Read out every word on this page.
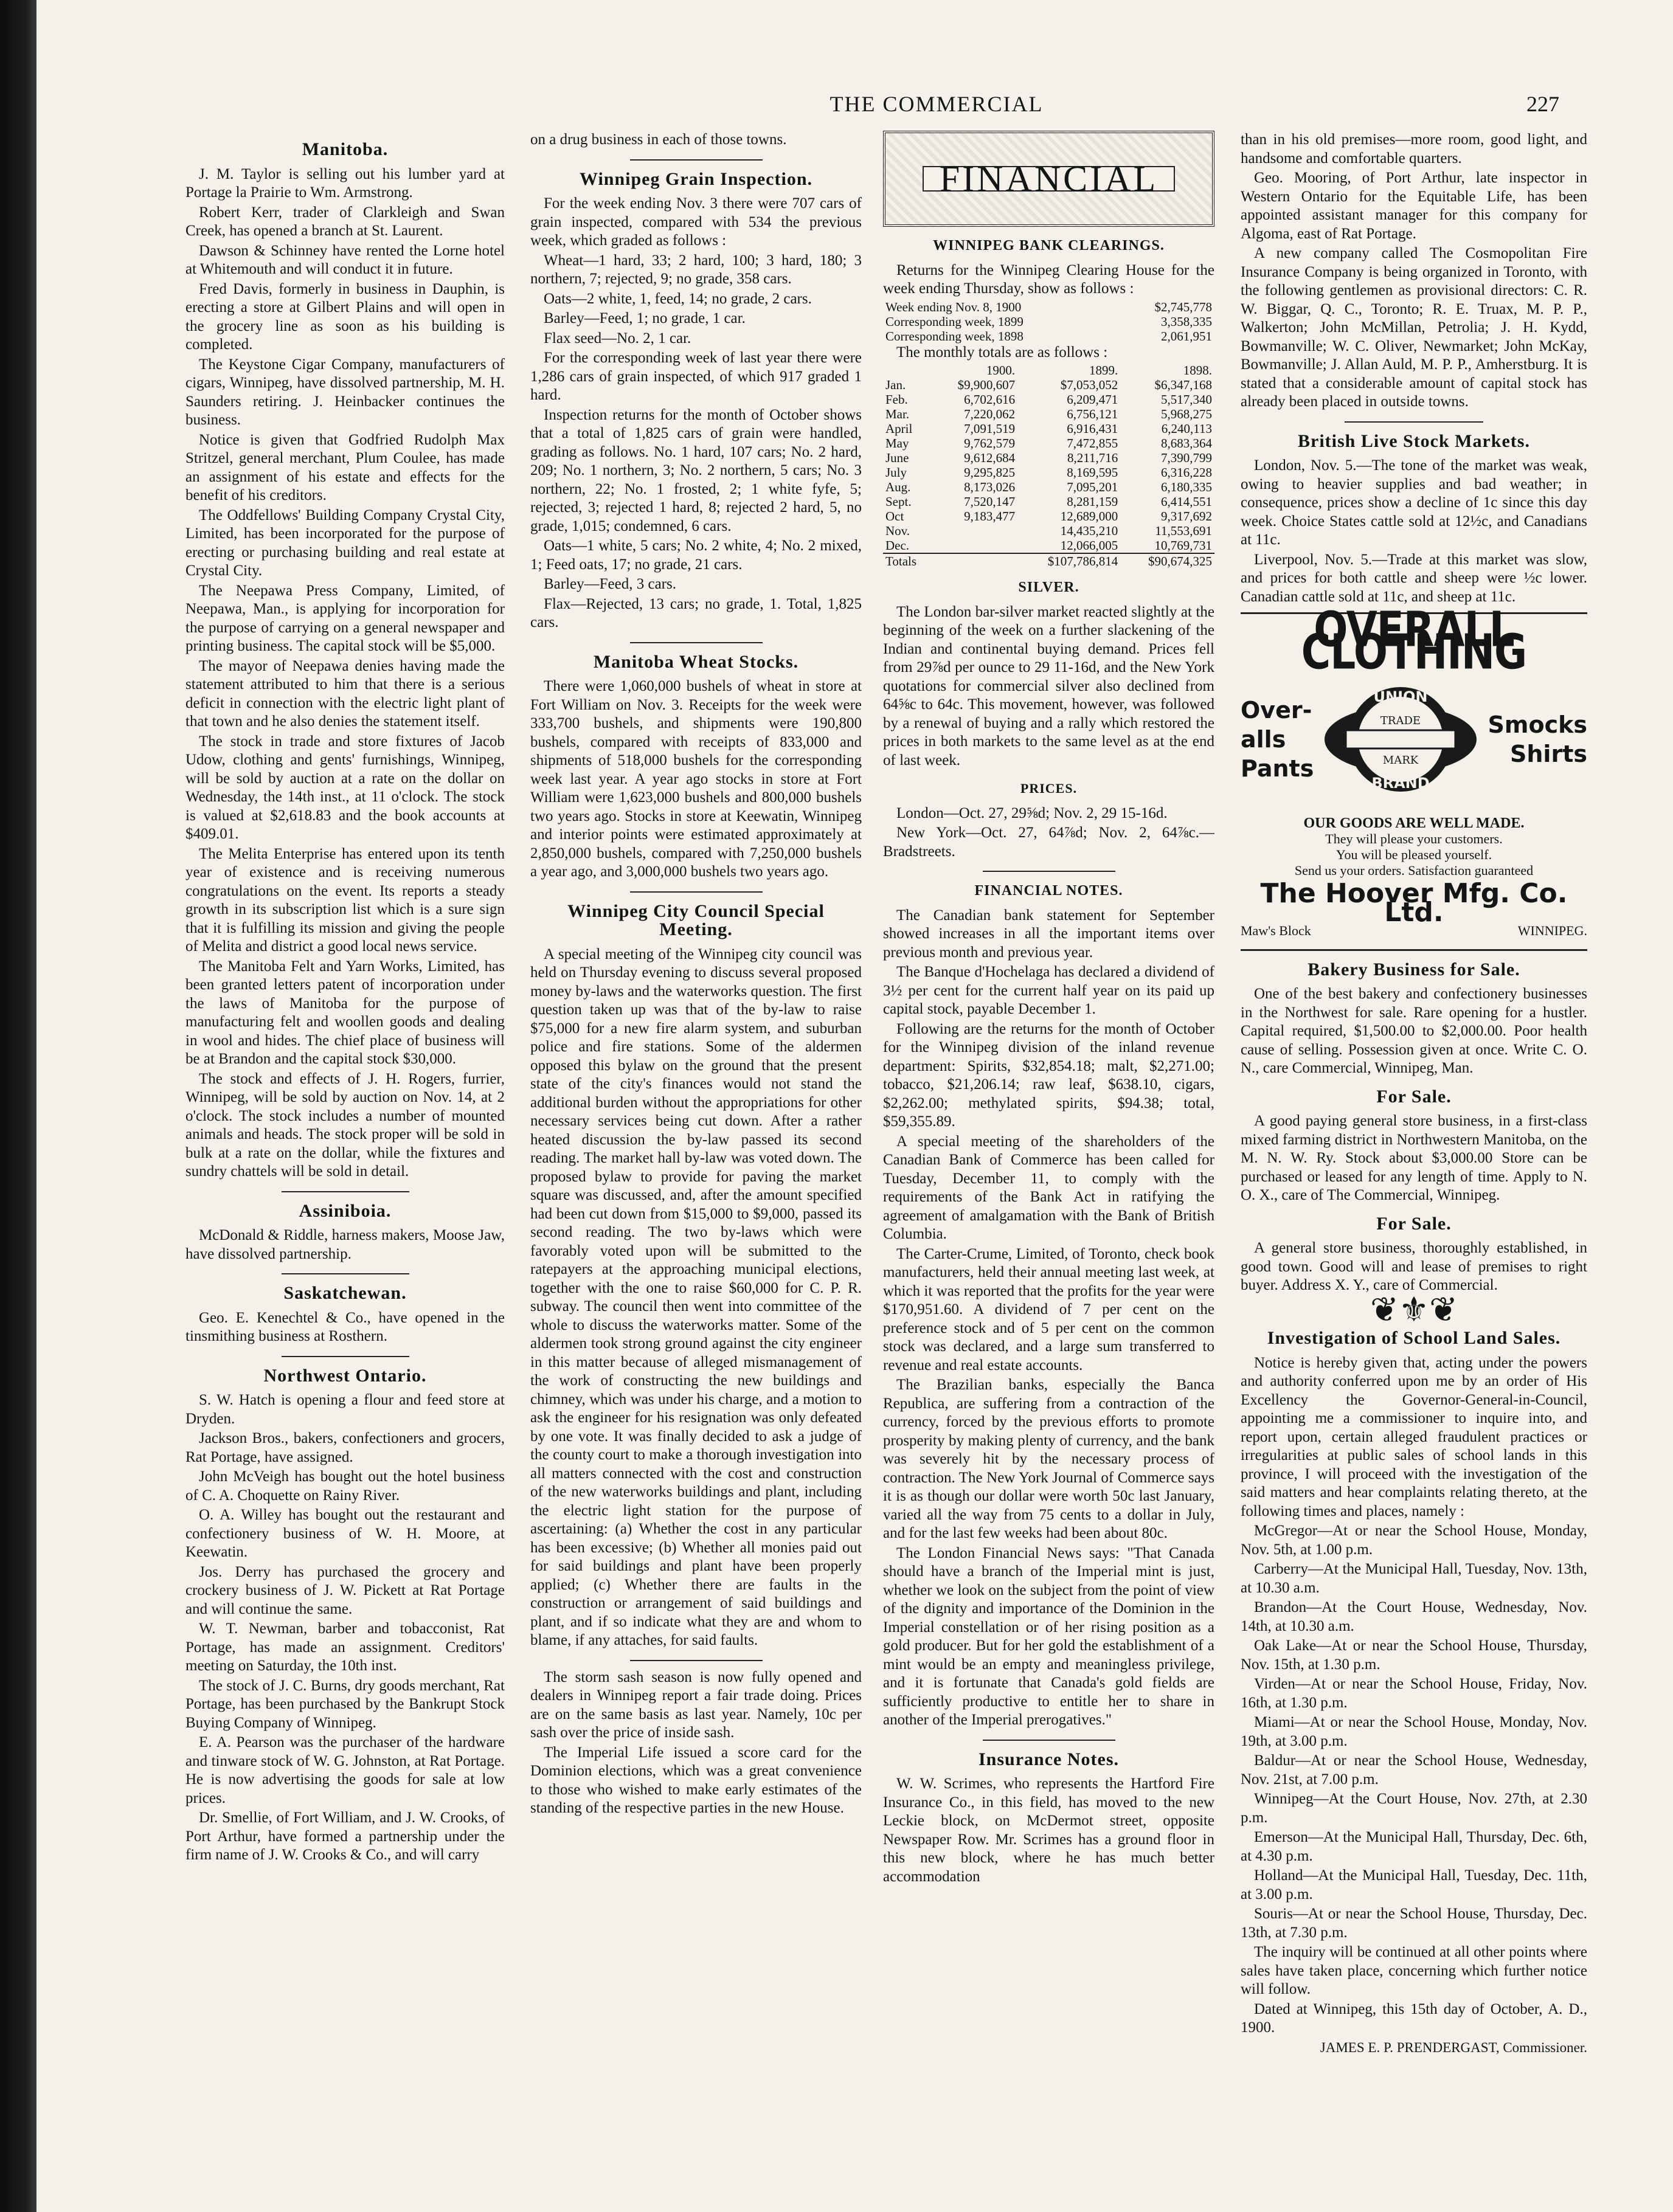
THE COMMERCIAL	227
Manitoba.

J. M. Taylor is selling out his lumber yard at Portage la Prairie to Wm. Armstrong.

Robert Kerr, trader of Clarkleigh and Swan Creek, has opened a branch at St. Laurent.

Dawson & Schinney have rented the Lorne hotel at Whitemouth and will conduct it in future.

Fred Davis, formerly in business in Dauphin, is erecting a store at Gilbert Plains and will open in the grocery line as soon as his building is completed.

The Keystone Cigar Company, manufacturers of cigars, Winnipeg, have dissolved partnership, M. H. Saunders retiring. J. Heinbacker continues the business.

Notice is given that Godfried Rudolph Max Stritzel, general merchant, Plum Coulee, has made an assignment of his estate and effects for the benefit of his creditors.

The Oddfellows' Building Company Crystal City, Limited, has been incorporated for the purpose of erecting or purchasing building and real estate at Crystal City.

The Neepawa Press Company, Limited, of Neepawa, Man., is applying for incorporation for the purpose of carrying on a general newspaper and printing business. The capital stock will be $5,000.

The mayor of Neepawa denies having made the statement attributed to him that there is a serious deficit in connection with the electric light plant of that town and he also denies the statement itself.

The stock in trade and store fixtures of Jacob Udow, clothing and gents' furnishings, Winnipeg, will be sold by auction at a rate on the dollar on Wednesday, the 14th inst., at 11 o'clock. The stock is valued at $2,618.83 and the book accounts at $409.01.

The Melita Enterprise has entered upon its tenth year of existence and is receiving numerous congratulations on the event. Its reports a steady growth in its subscription list which is a sure sign that it is fulfilling its mission and giving the people of Melita and district a good local news service.

The Manitoba Felt and Yarn Works, Limited, has been granted letters patent of incorporation under the laws of Manitoba for the purpose of manufacturing felt and woollen goods and dealing in wool and hides. The chief place of business will be at Brandon and the capital stock $30,000.

The stock and effects of J. H. Rogers, furrier, Winnipeg, will be sold by auction on Nov. 14, at 2 o'clock. The stock includes a number of mounted animals and heads. The stock proper will be sold in bulk at a rate on the dollar, while the fixtures and sundry chattels will be sold in detail.

Assiniboia.

McDonald & Riddle, harness makers, Moose Jaw, have dissolved partnership.

Saskatchewan.

Geo. E. Kenechtel & Co., have opened in the tinsmithing business at Rosthern.

Northwest Ontario.

S. W. Hatch is opening a flour and feed store at Dryden.

Jackson Bros., bakers, confectioners and grocers, Rat Portage, have assigned.

John McVeigh has bought out the hotel business of C. A. Choquette on Rainy River.

O. A. Willey has bought out the restaurant and confectionery business of W. H. Moore, at Keewatin.

Jos. Derry has purchased the grocery and crockery business of J. W. Pickett at Rat Portage and will continue the same.

W. T. Newman, barber and tobacconist, Rat Portage, has made an assignment. Creditors' meeting on Saturday, the 10th inst.

The stock of J. C. Burns, dry goods merchant, Rat Portage, has been purchased by the Bankrupt Stock Buying Company of Winnipeg.

E. A. Pearson was the purchaser of the hardware and tinware stock of W. G. Johnston, at Rat Portage. He is now advertising the goods for sale at low prices.

Dr. Smellie, of Fort William, and J. W. Crooks, of Port Arthur, have formed a partnership under the firm name of J. W. Crooks & Co., and will carry

on a drug business in each of those towns.

Winnipeg Grain Inspection.

For the week ending Nov. 3 there were 707 cars of grain inspected, compared with 534 the previous week, which graded as follows :

Wheat—1 hard, 33; 2 hard, 100; 3 hard, 180; 3 northern, 7; rejected, 9; no grade, 358 cars.

Oats—2 white, 1, feed, 14; no grade, 2 cars.

Barley—Feed, 1; no grade, 1 car.

Flax seed—No. 2, 1 car.

For the corresponding week of last year there were 1,286 cars of grain inspected, of which 917 graded 1 hard.

Inspection returns for the month of October shows that a total of 1,825 cars of grain were handled, grading as follows. No. 1 hard, 107 cars; No. 2 hard, 209; No. 1 northern, 3; No. 2 northern, 5 cars; No. 3 northern, 22; No. 1 frosted, 2; 1 white fyfe, 5; rejected, 3; rejected 1 hard, 8; rejected 2 hard, 5, no grade, 1,015; condemned, 6 cars.

Oats—1 white, 5 cars; No. 2 white, 4; No. 2 mixed, 1; Feed oats, 17; no grade, 21 cars.

Barley—Feed, 3 cars.

Flax—Rejected, 13 cars; no grade, 1. Total, 1,825 cars.

Manitoba Wheat Stocks.

There were 1,060,000 bushels of wheat in store at Fort William on Nov. 3. Receipts for the week were 333,700 bushels, and shipments were 190,800 bushels, compared with receipts of 833,000 and shipments of 518,000 bushels for the corresponding week last year. A year ago stocks in store at Fort William were 1,623,000 bushels and 800,000 bushels two years ago. Stocks in store at Keewatin, Winnipeg and interior points were estimated approximately at 2,850,000 bushels, compared with 7,250,000 bushels a year ago, and 3,000,000 bushels two years ago.

Winnipeg City Council Special Meeting.

A special meeting of the Winnipeg city council was held on Thursday evening to discuss several proposed money by-laws and the waterworks question. The first question taken up was that of the by-law to raise $75,000 for a new fire alarm system, and suburban police and fire stations. Some of the aldermen opposed this bylaw on the ground that the present state of the city's finances would not stand the additional burden without the appropriations for other necessary services being cut down. After a rather heated discussion the by-law passed its second reading. The market hall by-law was voted down. The proposed bylaw to provide for paving the market square was discussed, and, after the amount specified had been cut down from $15,000 to $9,000, passed its second reading. The two by-laws which were favorably voted upon will be submitted to the ratepayers at the approaching municipal elections, together with the one to raise $60,000 for C. P. R. subway. The council then went into committee of the whole to discuss the waterworks matter. Some of the aldermen took strong ground against the city engineer in this matter because of alleged mismanagement of the work of constructing the new buildings and chimney, which was under his charge, and a motion to ask the engineer for his resignation was only defeated by one vote. It was finally decided to ask a judge of the county court to make a thorough investigation into all matters connected with the cost and construction of the new waterworks buildings and plant, including the electric light station for the purpose of ascertaining: (a) Whether the cost in any particular has been excessive; (b) Whether all monies paid out for said buildings and plant have been properly applied; (c) Whether there are faults in the construction or arrangement of said buildings and plant, and if so indicate what they are and whom to blame, if any attaches, for said faults.

The storm sash season is now fully opened and dealers in Winnipeg report a fair trade doing. Prices are on the same basis as last year. Namely, 10c per sash over the price of inside sash.

The Imperial Life issued a score card for the Dominion elections, which was a great convenience to those who wished to make early estimates of the standing of the respective parties in the new House.

FINANCIAL
WINNIPEG BANK CLEARINGS.

Returns for the Winnipeg Clearing House for the week ending Thursday, show as follows :

Week ending Nov. 8, 1900	$2,745,778
Corresponding week, 1899	3,358,335
Corresponding week, 1898	2,061,951

The monthly totals are as follows :

	1900.	1899.	1898.
Jan.	$9,900,607	$7,053,052	$6,347,168
Feb.	6,702,616	6,209,471	5,517,340
Mar.	7,220,062	6,756,121	5,968,275
April	7,091,519	6,916,431	6,240,113
May	9,762,579	7,472,855	8,683,364
June	9,612,684	8,211,716	7,390,799
July	9,295,825	8,169,595	6,316,228
Aug.	8,173,026	7,095,201	6,180,335
Sept.	7,520,147	8,281,159	6,414,551
Oct	9,183,477	12,689,000	9,317,692
Nov.		14,435,210	11,553,691
Dec.		12,066,005	10,769,731
Totals		$107,786,814	$90,674,325
SILVER.

The London bar-silver market reacted slightly at the beginning of the week on a further slackening of the Indian and continental buying demand. Prices fell from 29⅞d per ounce to 29 11-16d, and the New York quotations for commercial silver also declined from 64⅝c to 64c. This movement, however, was followed by a renewal of buying and a rally which restored the prices in both markets to the same level as at the end of last week.

PRICES.

London—Oct. 27, 29⅝d; Nov. 2, 29 15-16d.

New York—Oct. 27, 64⅞d; Nov. 2, 64⅞c.—Bradstreets.

FINANCIAL NOTES.

The Canadian bank statement for September showed increases in all the important items over previous month and previous year.

The Banque d'Hochelaga has declared a dividend of 3½ per cent for the current half year on its paid up capital stock, payable December 1.

Following are the returns for the month of October for the Winnipeg division of the inland revenue department: Spirits, $32,854.18; malt, $2,271.00; tobacco, $21,206.14; raw leaf, $638.10, cigars, $2,262.00; methylated spirits, $94.38; total, $59,355.89.

A special meeting of the shareholders of the Canadian Bank of Commerce has been called for Tuesday, December 11, to comply with the requirements of the Bank Act in ratifying the agreement of amalgamation with the Bank of British Columbia.

The Carter-Crume, Limited, of Toronto, check book manufacturers, held their annual meeting last week, at which it was reported that the profits for the year were $170,951.60. A dividend of 7 per cent on the preference stock and of 5 per cent on the common stock was declared, and a large sum transferred to revenue and real estate accounts.

The Brazilian banks, especially the Banca Republica, are suffering from a contraction of the currency, forced by the previous efforts to promote prosperity by making plenty of currency, and the bank was severely hit by the necessary process of contraction. The New York Journal of Commerce says it is as though our dollar were worth 50c last January, varied all the way from 75 cents to a dollar in July, and for the last few weeks had been about 80c.

The London Financial News says: "That Canada should have a branch of the Imperial mint is just, whether we look on the subject from the point of view of the dignity and importance of the Dominion in the Imperial constellation or of her rising position as a gold producer. But for her gold the establishment of a mint would be an empty and meaningless privilege, and it is fortunate that Canada's gold fields are sufficiently productive to entitle her to share in another of the Imperial prerogatives."

Insurance Notes.

W. W. Scrimes, who represents the Hartford Fire Insurance Co., in this field, has moved to the new Leckie block, on McDermot street, opposite Newspaper Row. Mr. Scrimes has a ground floor in this new block, where he has much better accommodation

than in his old premises—more room, good light, and handsome and comfortable quarters.

Geo. Mooring, of Port Arthur, late inspector in Western Ontario for the Equitable Life, has been appointed assistant manager for this company for Algoma, east of Rat Portage.

A new company called The Cosmopolitan Fire Insurance Company is being organized in Toronto, with the following gentlemen as provisional directors: C. R. W. Biggar, Q. C., Toronto; R. E. Truax, M. P. P., Walkerton; John McMillan, Petrolia; J. H. Kydd, Bowmanville; W. C. Oliver, Newmarket; John McKay, Bowmanville; J. Allan Auld, M. P. P., Amherstburg. It is stated that a considerable amount of capital stock has already been placed in outside towns.

British Live Stock Markets.

London, Nov. 5.—The tone of the market was weak, owing to heavier supplies and bad weather; in consequence, prices show a decline of 1c since this day week. Choice States cattle sold at 12½c, and Canadians at 11c.

Liverpool, Nov. 5.—Trade at this market was slow, and prices for both cattle and sheep were ½c lower. Canadian cattle sold at 11c, and sheep at 11c.

OVERALL CLOTHING
Over-
alls
Pants
UNION
TRADE
MARK
BRAND
Smocks
Shirts
OUR GOODS ARE WELL MADE.
They will please your customers.
You will be pleased yourself.
Send us your orders. Satisfaction guaranteed
The Hoover Mfg. Co. Ltd.
Maw's Block	WINNIPEG.
Bakery Business for Sale.

One of the best bakery and confectionery businesses in the Northwest for sale. Rare opening for a hustler. Capital required, $1,500.00 to $2,000.00. Poor health cause of selling. Possession given at once. Write C. O. N., care Commercial, Winnipeg, Man.

For Sale.

A good paying general store business, in a first-class mixed farming district in Northwestern Manitoba, on the M. N. W. Ry. Stock about $3,000.00 Store can be purchased or leased for any length of time. Apply to N. O. X., care of The Commercial, Winnipeg.

For Sale.

A general store business, thoroughly established, in good town. Good will and lease of premises to right buyer. Address X. Y., care of Commercial.

❦⚜❦
Investigation of School Land Sales.

Notice is hereby given that, acting under the powers and authority conferred upon me by an order of His Excellency the Governor-General-in-Council, appointing me a commissioner to inquire into, and report upon, certain alleged fraudulent practices or irregularities at public sales of school lands in this province, I will proceed with the investigation of the said matters and hear complaints relating thereto, at the following times and places, namely :

McGregor—At or near the School House, Monday, Nov. 5th, at 1.00 p.m.

Carberry—At the Municipal Hall, Tuesday, Nov. 13th, at 10.30 a.m.

Brandon—At the Court House, Wednesday, Nov. 14th, at 10.30 a.m.

Oak Lake—At or near the School House, Thursday, Nov. 15th, at 1.30 p.m.

Virden—At or near the School House, Friday, Nov. 16th, at 1.30 p.m.

Miami—At or near the School House, Monday, Nov. 19th, at 3.00 p.m.

Baldur—At or near the School House, Wednesday, Nov. 21st, at 7.00 p.m.

Winnipeg—At the Court House, Nov. 27th, at 2.30 p.m.

Emerson—At the Municipal Hall, Thursday, Dec. 6th, at 4.30 p.m.

Holland—At the Municipal Hall, Tuesday, Dec. 11th, at 3.00 p.m.

Souris—At or near the School House, Thursday, Dec. 13th, at 7.30 p.m.

The inquiry will be continued at all other points where sales have taken place, concerning which further notice will follow.

Dated at Winnipeg, this 15th day of October, A. D., 1900.

JAMES E. P. PRENDERGAST, Commissioner.
